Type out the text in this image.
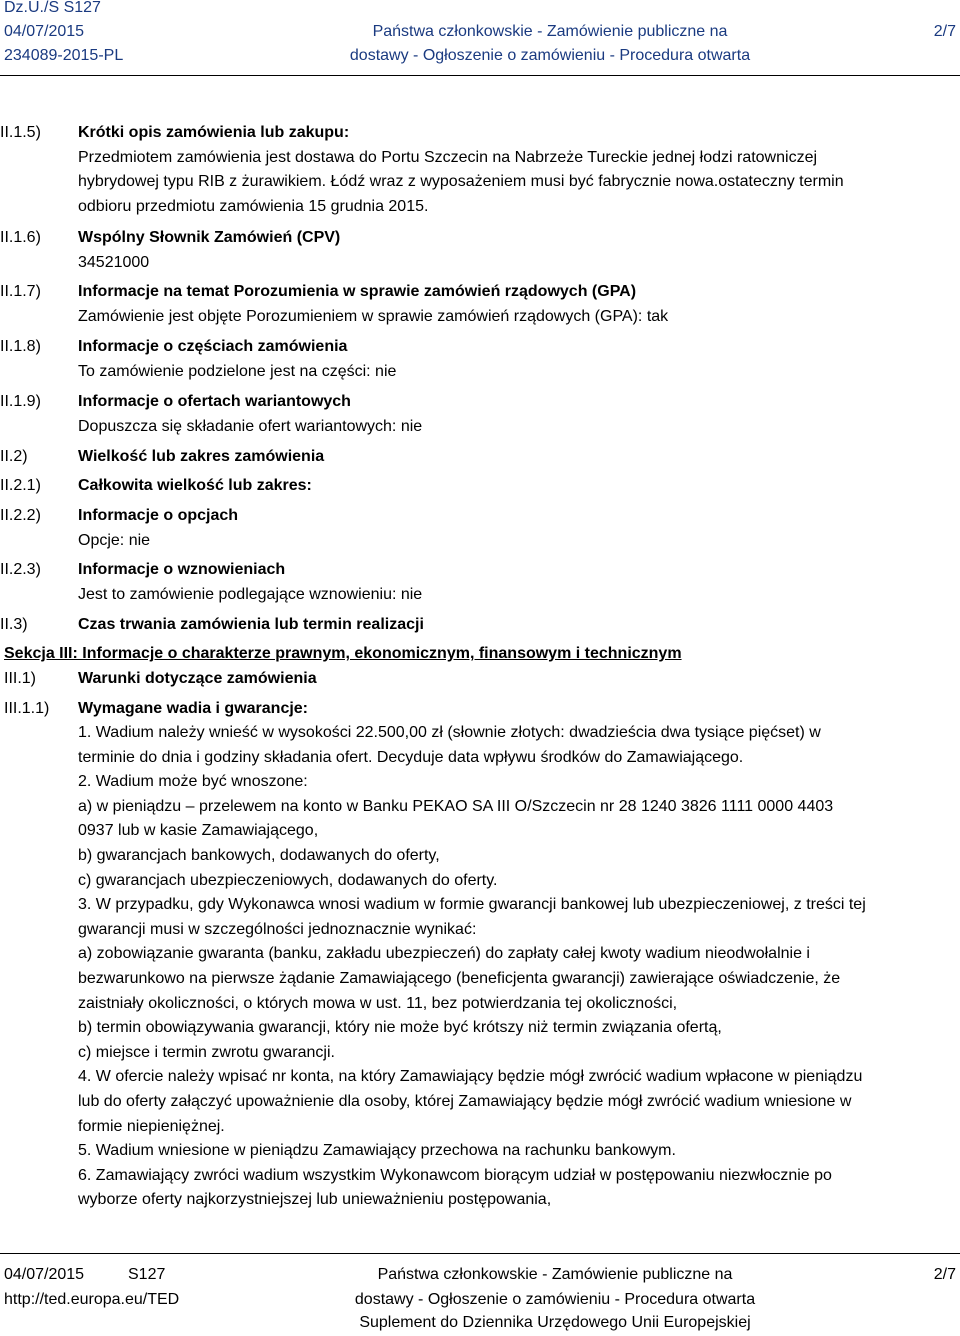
Dz.U./S S127
04/07/2015
234089-2015-PL
Państwa członkowskie - Zamówienie publiczne na
dostawy - Ogłoszenie o zamówieniu - Procedura otwarta
2/7
II.1.5) Krótki opis zamówienia lub zakupu:
Przedmiotem zamówienia jest dostawa do Portu Szczecin na Nabrzeże Tureckie jednej łodzi ratowniczej
hybrydowej typu RIB z żurawikiem. Łódź wraz z wyposażeniem musi być fabrycznie nowa.ostateczny termin
odbioru przedmiotu zamówienia 15 grudnia 2015.
II.1.6) Wspólny Słownik Zamówień (CPV)
34521000
II.1.7) Informacje na temat Porozumienia w sprawie zamówień rządowych (GPA)
Zamówienie jest objęte Porozumieniem w sprawie zamówień rządowych (GPA): tak
II.1.8) Informacje o częściach zamówienia
To zamówienie podzielone jest na części: nie
II.1.9) Informacje o ofertach wariantowych
Dopuszcza się składanie ofert wariantowych: nie
II.2)	Wielkość lub zakres zamówienia
II.2.1) Całkowita wielkość lub zakres:
II.2.2) Informacje o opcjach
Opcje: nie
II.2.3) Informacje o wznowieniach
Jest to zamówienie podlegające wznowieniu: nie
II.3)	Czas trwania zamówienia lub termin realizacji
Sekcja III: Informacje o charakterze prawnym, ekonomicznym, finansowym i technicznym
III.1)	Warunki dotyczące zamówienia
III.1.1) Wymagane wadia i gwarancje:
1. Wadium należy wnieść w wysokości 22.500,00 zł (słownie złotych: dwadzieścia dwa tysiące pięćset) w
terminie do dnia i godziny składania ofert. Decyduje data wpływu środków do Zamawiającego.
2. Wadium może być wnoszone:
a) w pieniądzu – przelewem na konto w Banku PEKAO SA III O/Szczecin nr 28 1240 3826 1111 0000 4403
0937 lub w kasie Zamawiającego,
b) gwarancjach bankowych, dodawanych do oferty,
c) gwarancjach ubezpieczeniowych, dodawanych do oferty.
3. W przypadku, gdy Wykonawca wnosi wadium w formie gwarancji bankowej lub ubezpieczeniowej, z treści tej
gwarancji musi w szczególności jednoznacznie wynikać:
a) zobowiązanie gwaranta (banku, zakładu ubezpieczeń) do zapłaty całej kwoty wadium nieodwołalnie i
bezwarunkowo na pierwsze żądanie Zamawiającego (beneficjenta gwarancji) zawierające oświadczenie, że
zaistniały okoliczności, o których mowa w ust. 11, bez potwierdzania tej okoliczności,
b) termin obowiązywania gwarancji, który nie może być krótszy niż termin związania ofertą,
c) miejsce i termin zwrotu gwarancji.
4. W ofercie należy wpisać nr konta, na który Zamawiający będzie mógł zwrócić wadium wpłacone w pieniądzu
lub do oferty załączyć upoważnienie dla osoby, której Zamawiający będzie mógł zwrócić wadium wniesione w
formie niepieniężnej.
5. Wadium wniesione w pieniądzu Zamawiający przechowa na rachunku bankowym.
6. Zamawiający zwróci wadium wszystkim Wykonawcom biorącym udział w postępowaniu niezwłocznie po
wyborze oferty najkorzystniejszej lub unieważnieniu postępowania,
04/07/2015	S127
http://ted.europa.eu/TED
Państwa członkowskie - Zamówienie publiczne na
dostawy - Ogłoszenie o zamówieniu - Procedura otwarta
Suplement do Dziennika Urzędowego Unii Europejskiej
2/7
